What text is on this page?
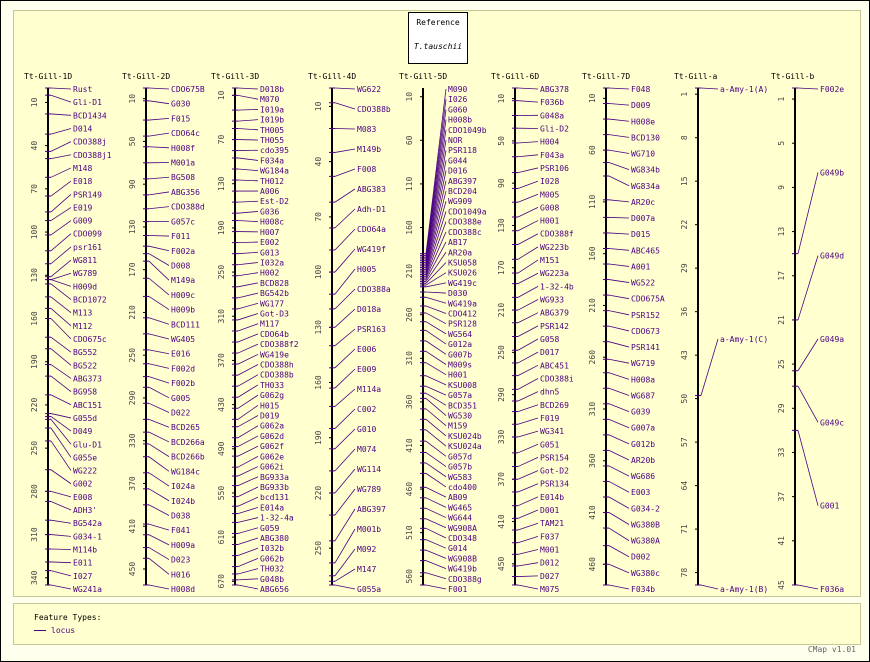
Reference
T.tauschii
Tt-Gill-1D
10
40
70
100
130
160
190
220
250
280
310
340
Rust
Gli-D1
BCD1434
D014
CDO388j
CDO388j1
M148
E018
PSR149
E019
G009
CDO099
psr161
WG811
WG789
H009d
BCD1072
M113
M112
CDO675c
BG552
BG522
ABG373
BG958
ABC151
G055d
D049
Glu-D1
G055e
WG222
G002
E008
ADH3'
BG542a
G034-1
M114b
E011
I027
WG241a
Tt-Gill-2D
10
50
90
130
170
210
250
290
330
370
410
450
CDO675B
G030
F015
CDO64c
H008f
M001a
BG508
ABG356
CDO388d
G057c
F011
F002a
D008
M149a
H009c
H009b
BCD111
WG405
E016
F002d
F002b
G005
D022
BCD265
BCD266a
BCD266b
WG184c
I024a
I024b
D038
F041
H009a
D023
H016
H008d
Tt-Gill-3D
10
70
130
190
250
310
370
430
490
550
610
670
D018b
M070
I019a
I019b
TH005
TH055
cdo395
F034a
WG184a
TH012
A006
Est-D2
G036
H008c
H007
E002
G013
I032a
H002
BCD828
BG542b
WG177
Got-D3
M117
CDO64b
CDO388f2
WG419e
CDO388h
CDO388b
TH033
G062g
H015
D019
G062a
G062d
G062f
G062e
G062i
BG933a
BG933b
bcd131
E014a
1-32-4a
G059
ABG380
I032b
G062b
TH032
G048b
ABG656
Tt-Gill-4D
10
40
70
100
130
160
190
220
250
WG622
CDO388b
M083
M149b
F008
ABG383
Adh-D1
CDO64a
WG419f
H005
CDO388a
D018a
PSR163
E006
E009
M114a
C002
G010
M074
WG114
WG789
ABG397
M001b
M092
M147
G055a
Tt-Gill-5D
10
60
110
160
210
260
310
360
410
460
510
560
M090
I026
G060
H008b
CDO1049b
NOR
PSR118
G044
D016
ABG397
BCD204
WG909
CDO1049a
CDO388e
CDO388c
AB17
AR20a
KSU058
KSU026
WG419c
D030
WG419a
CDO412
PSR128
WG564
G012a
G007b
M009s
H001
KSU008
G057a
BCD351
WG530
M159
KSU024b
KSU024a
G057d
G057b
WG583
cdo400
AB09
WG465
WG644
WG908A
CDO348
G014
WG908B
WG419b
CDO388g
F001
Tt-Gill-6D
10
50
90
130
170
210
250
290
330
370
410
450
ABG378
F036b
G048a
Gli-D2
H004
F043a
PSR106
I028
M005
G008
H001
CDO388f
WG223b
M151
WG223a
1-32-4b
WG933
ABG379
PSR142
G058
D017
ABC451
CDO388i
dhn5
BCD269
F019
WG341
G051
PSR154
Got-D2
PSR134
E014b
D001
TAM21
F037
M001
D012
D027
M075
Tt-Gill-7D
10
60
110
160
210
260
310
360
410
460
F048
D009
H008e
BCD130
WG710
WG834b
WG834a
AR20c
D007a
D015
ABC465
A001
WG522
CDO675A
PSR152
CDO673
PSR141
WG719
H008a
WG687
G039
G007a
G012b
AR20b
WG686
E003
G034-2
WG380B
WG380A
D002
WG380c
F034b
Tt-Gill-a
1
8
15
22
29
36
43
50
57
64
71
78
a-Amy-1(A)
a-Amy-1(C)
a-Amy-1(B)
Tt-Gill-b
1
5
9
13
17
21
25
29
33
37
41
45
F002e
G049b
G049d
G049a
G049c
G001
F036a
Feature Types:
locus
CMap v1.01
